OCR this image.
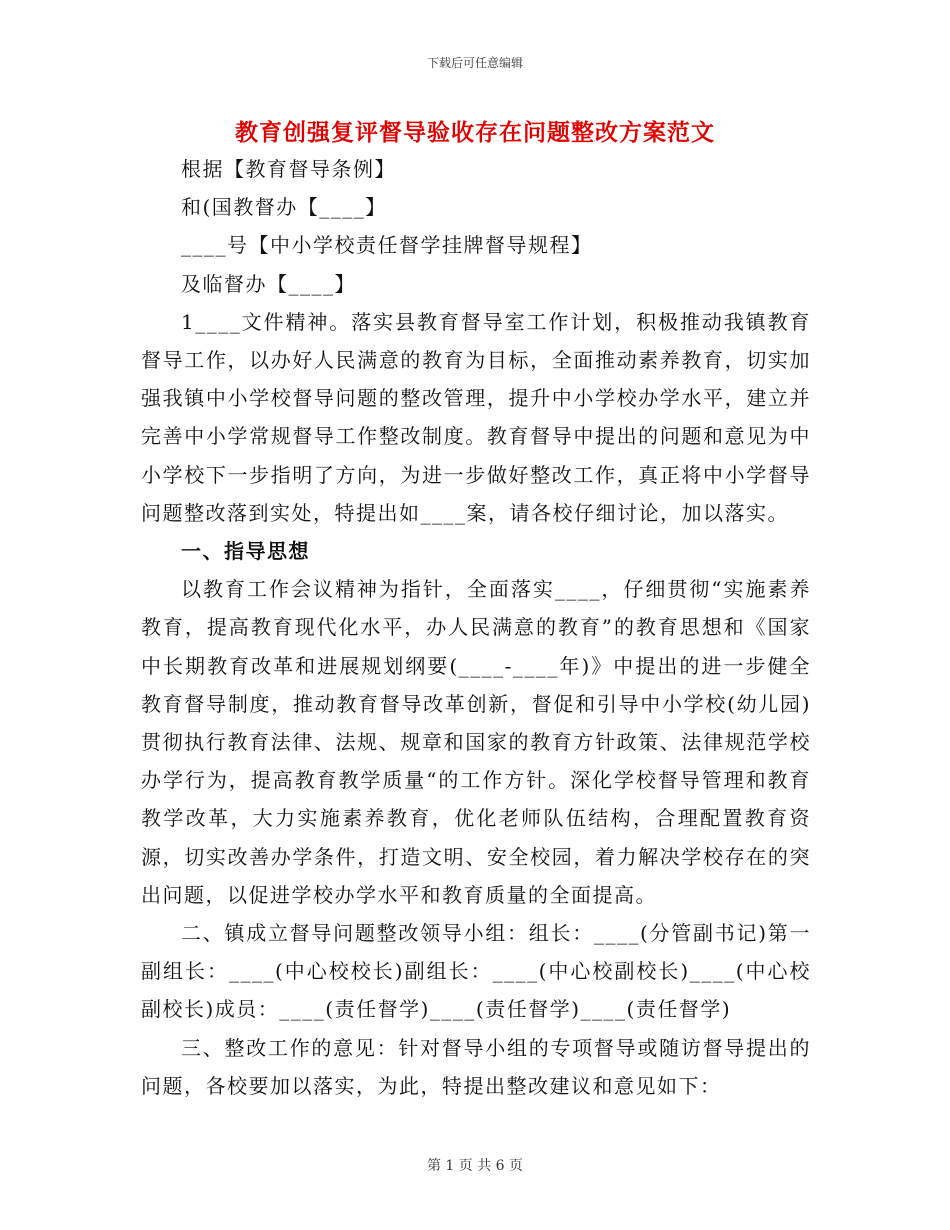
下载后可任意编辑
教育创强复评督导验收存在问题整改方案范文

根据【教育督导条例】

和(国教督办【____】

____号【中小学校责任督学挂牌督导规程】

及临督办【____】

1____文件精神。落实县教育督导室工作计划，积极推动我镇教育督导工作，以办好人民满意的教育为目标，全面推动素养教育，切实加强我镇中小学校督导问题的整改管理，提升中小学校办学水平，建立并完善中小学常规督导工作整改制度。教育督导中提出的问题和意见为中小学校下一步指明了方向，为进一步做好整改工作，真正将中小学督导问题整改落到实处，特提出如____案，请各校仔细讨论，加以落实。

一、指导思想

以教育工作会议精神为指针，全面落实____，仔细贯彻“实施素养教育，提高教育现代化水平，办人民满意的教育”的教育思想和《国家中长期教育改革和进展规划纲要(____-____年)》中提出的进一步健全教育督导制度，推动教育督导改革创新，督促和引导中小学校(幼儿园)贯彻执行教育法律、法规、规章和国家的教育方针政策、法律规范学校办学行为，提高教育教学质量“的工作方针。深化学校督导管理和教育教学改革，大力实施素养教育，优化老师队伍结构，合理配置教育资源，切实改善办学条件，打造文明、安全校园，着力解决学校存在的突出问题，以促进学校办学水平和教育质量的全面提高。

二、镇成立督导问题整改领导小组：组长：____(分管副书记)第一副组长：____(中心校校长)副组长：____(中心校副校长)____(中心校副校长)成员：____(责任督学)____(责任督学)____(责任督学)

三、整改工作的意见：针对督导小组的专项督导或随访督导提出的问题，各校要加以落实，为此，特提出整改建议和意见如下：

第 1 页 共 6 页
